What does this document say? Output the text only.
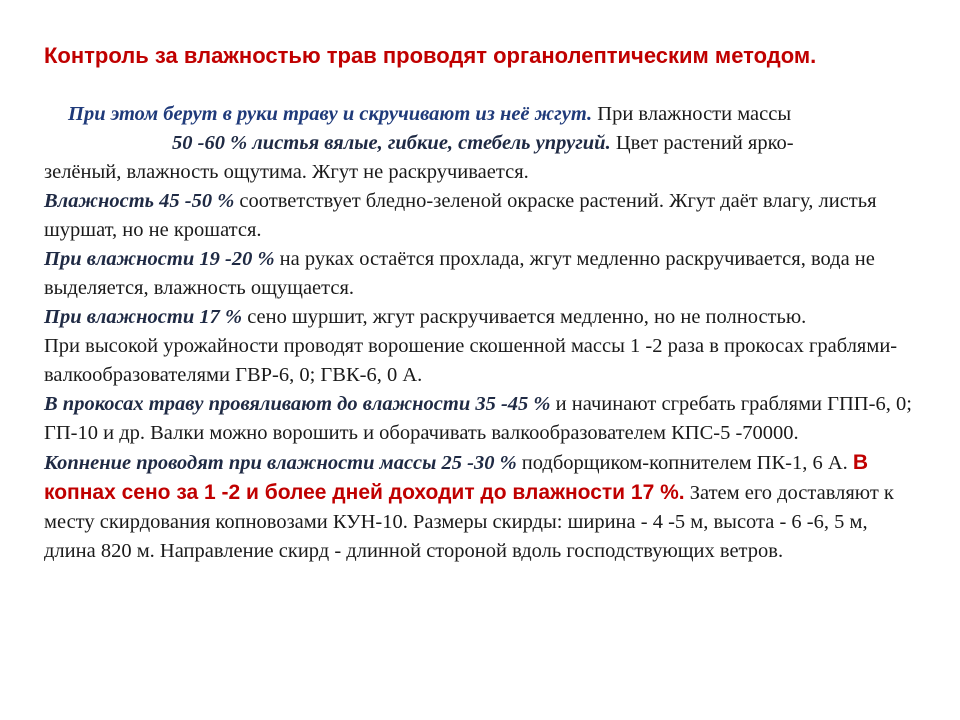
Контроль за влажностью трав проводят органолептическим методом.

При этом берут в руки траву и скручивают из неё жгут. При влажности массы

50 -60 % листья вялые, гибкие, стебель упругий. Цвет растений ярко-

зелёный, влажность ощутима. Жгут не раскручивается.

Влажность 45 -50 % соответствует бледно-зеленой окраске растений. Жгут даёт влагу, листья шуршат, но не крошатся.

При влажности 19 -20 % на руках остаётся прохлада, жгут медленно раскручивается, вода не выделяется, влажность ощущается.

При влажности 17 % сено шуршит, жгут раскручивается медленно, но не полностью.

При высокой урожайности проводят ворошение скошенной массы 1 -2 раза в прокосах граблями-валкообразователями ГВР-6, 0; ГВК-6, 0 А.

В прокосах траву провяливают до влажности 35 -45 % и начинают сгребать граблями ГПП-6, 0; ГП-10 и др. Валки можно ворошить и оборачивать валкообразователем КПС-5 -70000.

Копнение проводят при влажности массы 25 -30 % подборщиком-копнителем ПК-1, 6 А. В копнах сено за 1 -2 и более дней доходит до влажности 17 %. Затем его доставляют к месту скирдования копновозами КУН-10. Размеры скирды: ширина - 4 -5 м, высота - 6 -6, 5 м, длина 820 м. Направление скирд - длинной стороной вдоль господствующих ветров.
